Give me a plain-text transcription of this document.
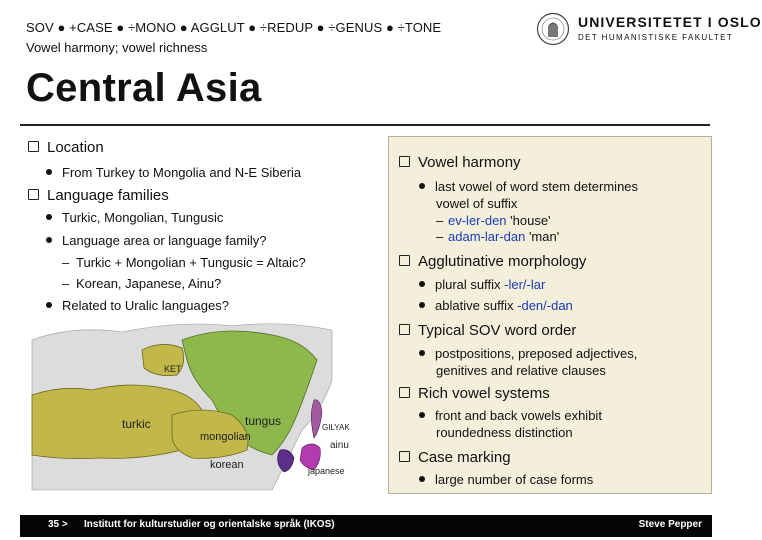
SOV ● +CASE ● ÷MONO ● AGGLUT ● ÷REDUP ● ÷GENUS ● ÷TONE
Vowel harmony; vowel richness
Central Asia
UNIVERSITETET I OSLO
DET HUMANISTISKE FAKULTET
Location
From Turkey to Mongolia and N-E Siberia
Language families
Turkic, Mongolian, Tungusic
Language area or language family?
– Turkic + Mongolian + Tungusic = Altaic?
– Korean, Japanese, Ainu?
Related to Uralic languages?
KET
turkic
mongolian
tungus	GILYAK
ainu
korean	japanese
Vowel harmony
last vowel of word stem determines
vowel of suffix
– ev-ler-den 'house'
– adam-lar-dan 'man'
Agglutinative morphology
plural suffix -ler/-lar
ablative suffix -den/-dan
Typical SOV word order
postpositions, preposed adjectives,
genitives and relative clauses
Rich vowel systems
front and back vowels exhibit
roundedness distinction
Case marking
large number of case forms
35 > Institutt for kulturstudier og orientalske språk (IKOS)	Steve Pepper
